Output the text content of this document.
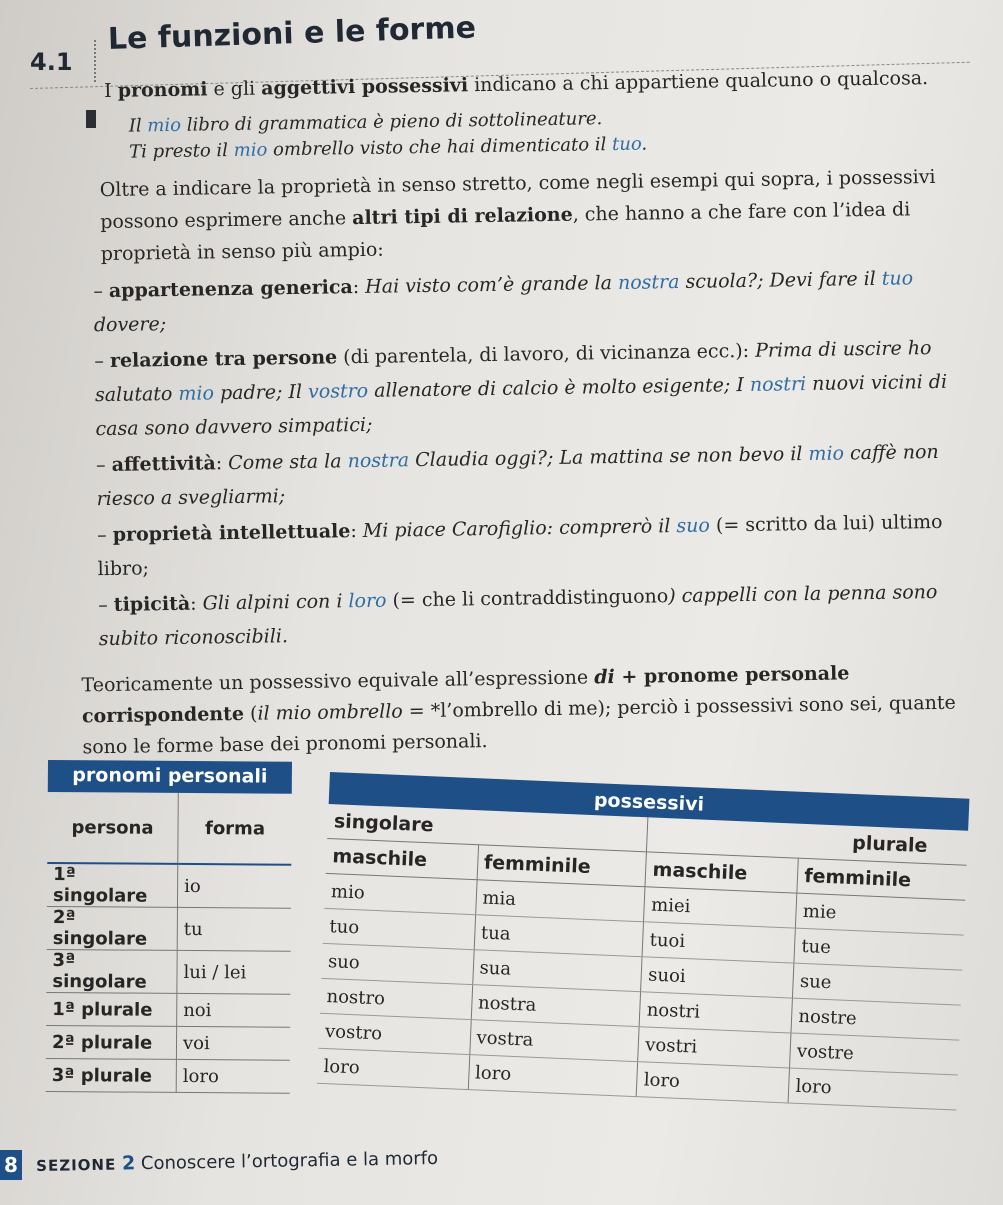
4.1
Le funzioni e le forme

I pronomi e gli aggettivi possessivi indicano a chi appartiene qualcuno o qualcosa.

Il mio libro di grammatica è pieno di sottolineature.

Ti presto il mio ombrello visto che hai dimenticato il tuo.

Oltre a indicare la proprietà in senso stretto, come negli esempi qui sopra, i possessivi possono esprimere anche altri tipi di relazione, che hanno a che fare con l’idea di proprietà in senso più ampio:

– appartenenza generica: Hai visto com’è grande la nostra scuola?; Devi fare il tuo dovere;
– relazione tra persone (di parentela, di lavoro, di vicinanza ecc.): Prima di uscire ho salutato mio padre; Il vostro allenatore di calcio è molto esigente; I nostri nuovi vicini di casa sono davvero simpatici;
– affettività: Come sta la nostra Claudia oggi?; La mattina se non bevo il mio caffè non riesco a svegliarmi;
– proprietà intellettuale: Mi piace Carofiglio: comprerò il suo (= scritto da lui) ultimo libro;
– tipicità: Gli alpini con i loro (= che li contraddistinguono) cappelli con la penna sono subito riconoscibili.

Teoricamente un possessivo equivale all’espressione di + pronome personale corrispondente (il mio ombrello = *l’ombrello di me); perciò i possessivi sono sei, quante sono le forme base dei pronomi personali.

pronomi personali
persona	forma
1ª singolare	io
2ª singolare	tu
3ª singolare	lui / lei
1ª plurale	noi
2ª plurale	voi
3ª plurale	loro
possessivi
singolare		plurale	
maschile	femminile	maschile	femminile
mio	mia	miei	mie
tuo	tua	tuoi	tue
suo	sua	suoi	sue
nostro	nostra	nostri	nostre
vostro	vostra	vostri	vostre
loro	loro	loro	loro
8 SEZIONE 2 Conoscere l’ortografia e la morfo
